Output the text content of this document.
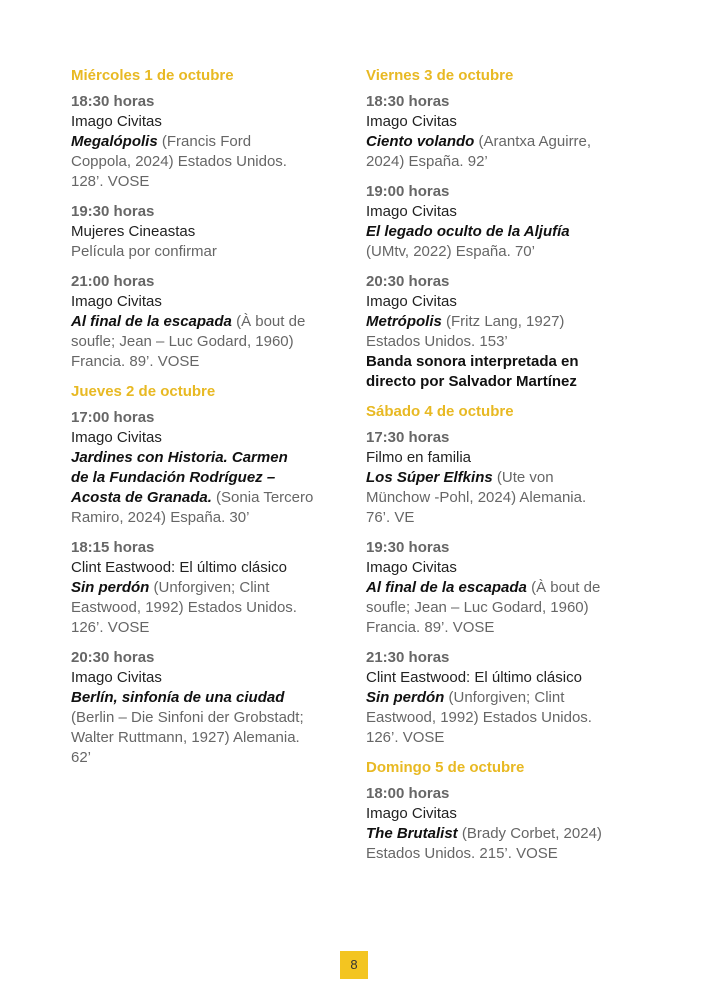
Miércoles 1 de octubre
18:30 horas
Imago Civitas
Megalópolis (Francis Ford
Coppola, 2024) Estados Unidos.
128’. VOSE
19:30 horas
Mujeres Cineastas
Película por confirmar
21:00 horas
Imago Civitas
Al final de la escapada (À bout de
soufle; Jean – Luc Godard, 1960)
Francia. 89’. VOSE
Jueves 2 de octubre
17:00 horas
Imago Civitas
Jardines con Historia. Carmen
de la Fundación Rodríguez –
Acosta de Granada. (Sonia Tercero
Ramiro, 2024) España. 30’
18:15 horas
Clint Eastwood: El último clásico
Sin perdón (Unforgiven; Clint
Eastwood, 1992) Estados Unidos.
126’. VOSE
20:30 horas
Imago Civitas
Berlín, sinfonía de una ciudad
(Berlin – Die Sinfoni der Grobstadt;
Walter Ruttmann, 1927) Alemania.
62’
Viernes 3 de octubre
18:30 horas
Imago Civitas
Ciento volando (Arantxa Aguirre,
2024) España. 92’
19:00 horas
Imago Civitas
El legado oculto de la Aljufía
(UMtv, 2022) España. 70’
20:30 horas
Imago Civitas
Metrópolis (Fritz Lang, 1927)
Estados Unidos. 153’
Banda sonora interpretada en
directo por Salvador Martínez
Sábado 4 de octubre
17:30 horas
Filmo en familia
Los Súper Elfkins (Ute von
Münchow -Pohl, 2024) Alemania.
76’. VE
19:30 horas
Imago Civitas
Al final de la escapada (À bout de
soufle; Jean – Luc Godard, 1960)
Francia. 89’. VOSE
21:30 horas
Clint Eastwood: El último clásico
Sin perdón (Unforgiven; Clint
Eastwood, 1992) Estados Unidos.
126’. VOSE
Domingo 5 de octubre
18:00 horas
Imago Civitas
The Brutalist (Brady Corbet, 2024)
Estados Unidos. 215’. VOSE
8
